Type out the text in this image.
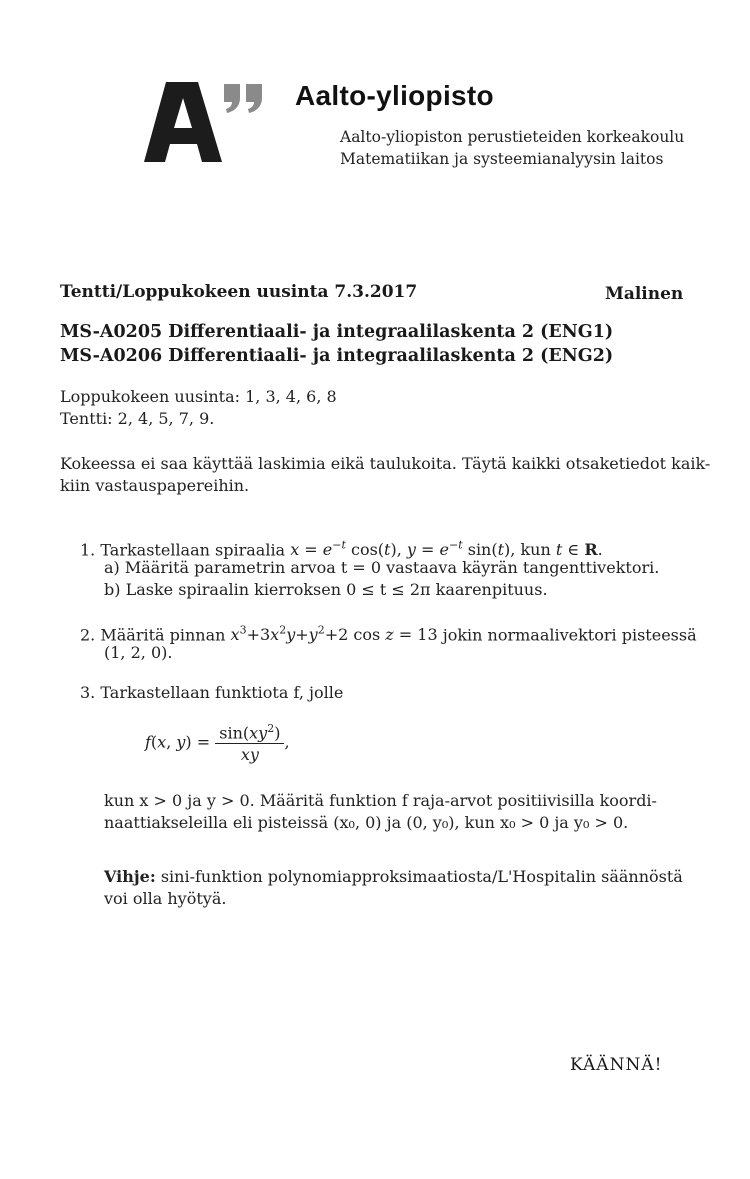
Aalto-yliopisto
Aalto-yliopiston perustieteiden korkeakoulu
Matematiikan ja systeemianalyysin laitos
Tentti/Loppukokeen uusinta 7.3.2017	Malinen
MS-A0205 Differentiaali- ja integraalilaskenta 2 (ENG1)
MS-A0206 Differentiaali- ja integraalilaskenta 2 (ENG2)
Loppukokeen uusinta: 1, 3, 4, 6, 8
Tentti: 2, 4, 5, 7, 9.
Kokeessa ei saa käyttää laskimia eikä taulukoita. Täytä kaikki otsaketiedot kaik-
kiin vastauspapereihin.
1. Tarkastellaan spiraalia $x = e^{-t}$ cos(t), $y = e^{-t}$ sin(t), kun t ∈ R.
a) Määritä parametrin arvoa t = 0 vastaava käyrän tangenttivektori.
b) Laske spiraalin kierroksen 0 ≤ t ≤ 2π kaarenpituus.
2. Määritä pinnan $x^3+3x^2y+y^2+2$ cos z = 13 jokin normaalivektori pisteessä
(1, 2, 0).
3. Tarkastellaan funktiota f, jolle
f(x, $y) = \frac{\sin(xy^2)}{xy}$ ,
kun x > 0 ja y > 0. Määritä funktion f raja-arvot positiivisilla koordi-
naattiakseleilla eli pisteissä (x₀, 0) ja (0, y₀), kun x₀ > 0 ja y₀ > 0.
Vihje: sini-funktion polynomiapproksimaatiosta/L'Hospitalin säännöstä
voi olla hyötyä.
KÄÄNNÄ!
